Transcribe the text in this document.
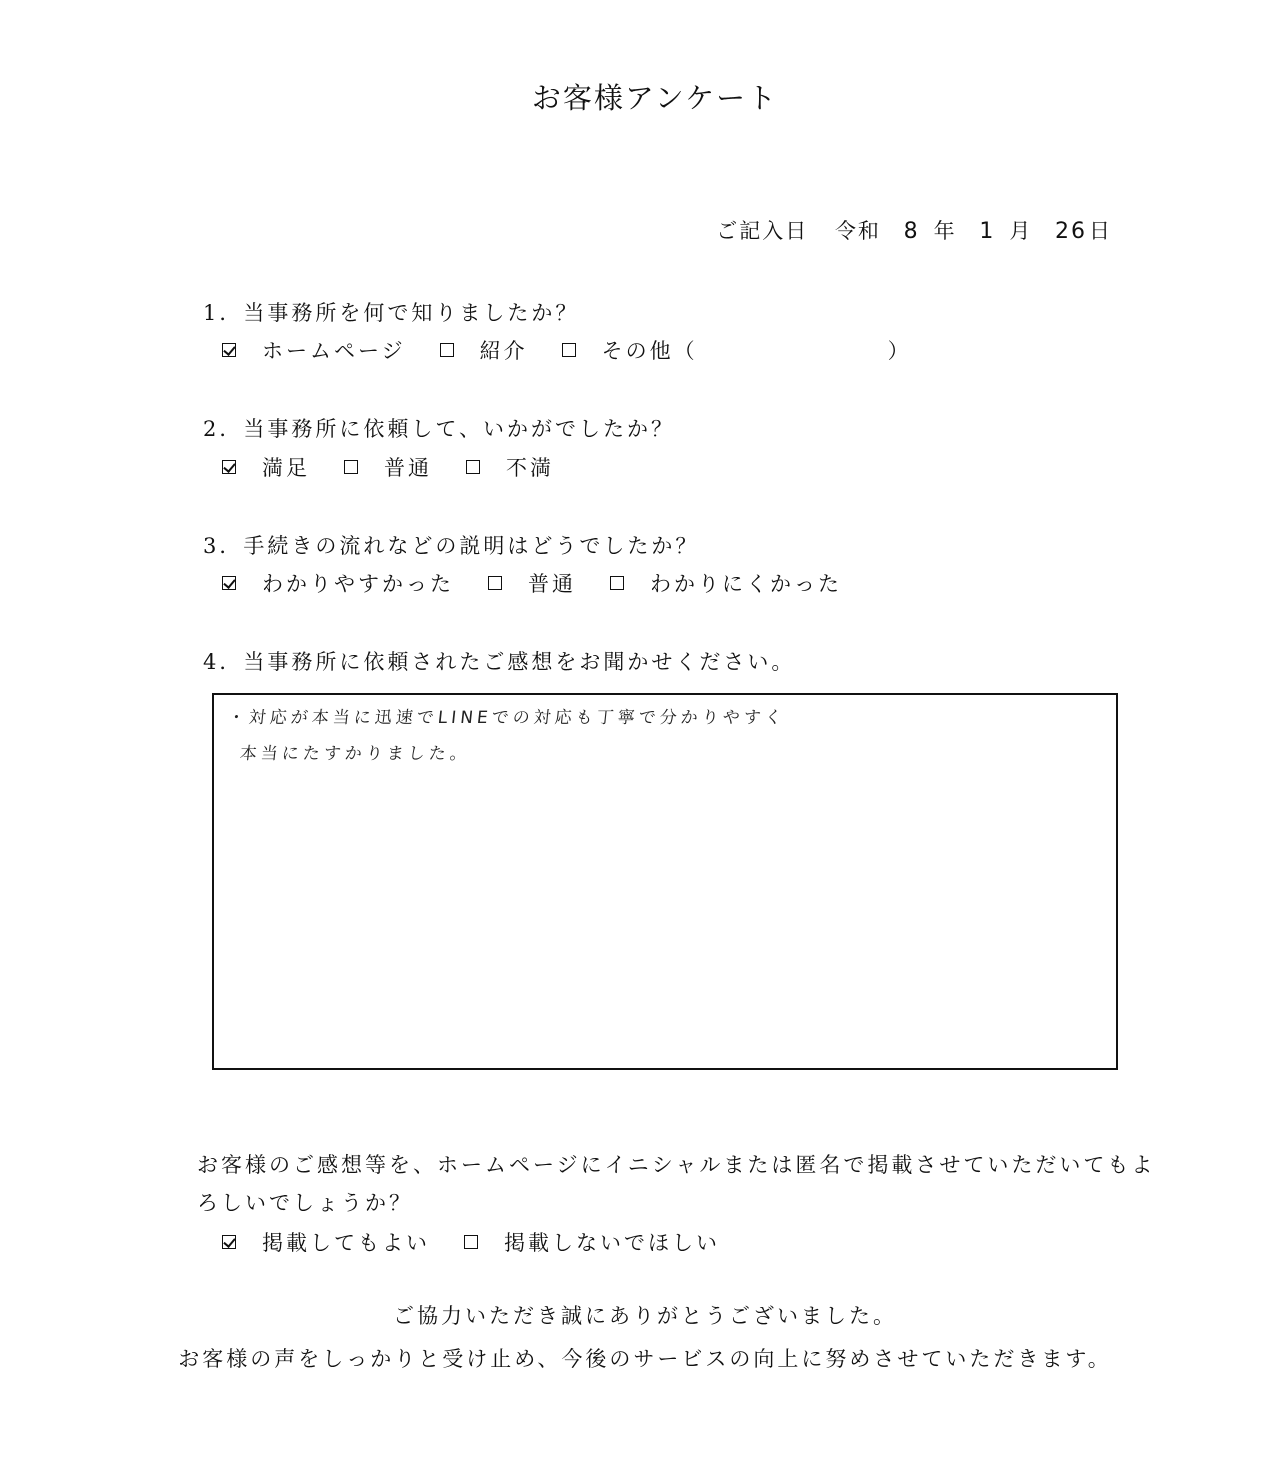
お客様アンケート
ご記入日 令和 8 年 1 月 26日
1．当事務所を何で知りましたか？
ホームページ	紹介	その他（	）
2．当事務所に依頼して、いかがでしたか？
満足	普通	不満
3．手続きの流れなどの説明はどうでしたか？
わかりやすかった	普通	わかりにくかった
4．当事務所に依頼されたご感想をお聞かせください。
・対応が本当に迅速でLINEでの対応も丁寧で分かりやすく
本当にたすかりました。
お客様のご感想等を、ホームページにイニシャルまたは匿名で掲載させていただいてもよ
ろしいでしょうか？
掲載してもよい	掲載しないでほしい
ご協力いただき誠にありがとうございました。
お客様の声をしっかりと受け止め、今後のサービスの向上に努めさせていただきます。
